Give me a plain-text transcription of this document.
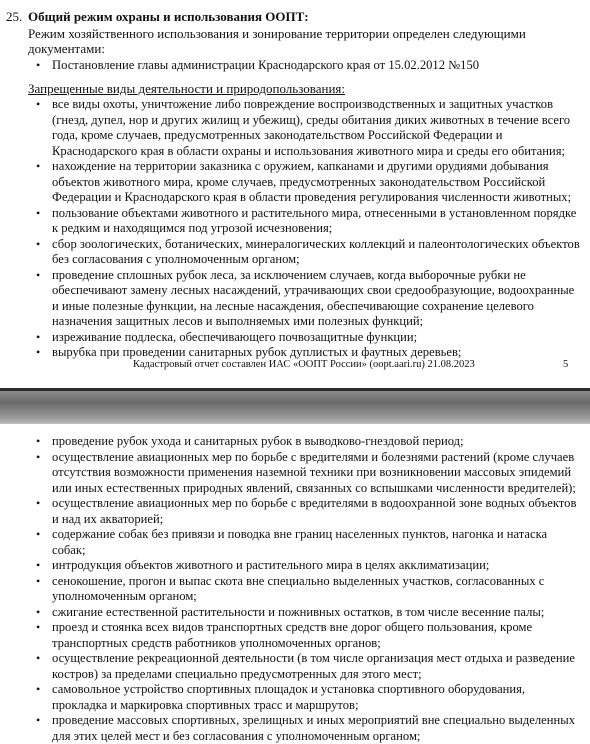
25. Общий режим охраны и использования ООПТ:
Режим хозяйственного использования и зонирование территории определен следующими документами:
• Постановление главы администрации Краснодарского края от 15.02.2012 №150
Запрещенные виды деятельности и природопользования:
• все виды охоты, уничтожение либо повреждение воспроизводственных и защитных участков (гнезд, дупел, нор и других жилищ и убежищ), среды обитания диких животных в течение всего года, кроме случаев, предусмотренных законодательством Российской Федерации и Краснодарского края в области охраны и использования животного мира и среды его обитания;
• нахождение на территории заказника с оружием, капканами и другими орудиями добывания объектов животного мира, кроме случаев, предусмотренных законодательством Российской Федерации и Краснодарского края в области проведения регулирования численности животных;
• пользование объектами животного и растительного мира, отнесенными в установленном порядке к редким и находящимся под угрозой исчезновения;
• сбор зоологических, ботанических, минералогических коллекций и палеонтологических объектов без согласования с уполномоченным органом;
• проведение сплошных рубок леса, за исключением случаев, когда выборочные рубки не обеспечивают замену лесных насаждений, утрачивающих свои средообразующие, водоохранные и иные полезные функции, на лесные насаждения, обеспечивающие сохранение целевого назначения защитных лесов и выполняемых ими полезных функций;
• изреживание подлеска, обеспечивающего почвозащитные функции;
• вырубка при проведении санитарных рубок дуплистых и фаутных деревьев;
Кадастровый отчет составлен ИАС «ООПТ России» (oopt.aari.ru) 21.08.2023	5
• проведение рубок ухода и санитарных рубок в выводково-гнездовой период;
• осуществление авиационных мер по борьбе с вредителями и болезнями растений (кроме случаев отсутствия возможности применения наземной техники при возникновении массовых эпидемий или иных естественных природных явлений, связанных со вспышками численности вредителей);
• осуществление авиационных мер по борьбе с вредителями в водоохранной зоне водных объектов и над их акваторией;
• содержание собак без привязи и поводка вне границ населенных пунктов, нагонка и натаска собак;
• интродукция объектов животного и растительного мира в целях акклиматизации;
• сенокошение, прогон и выпас скота вне специально выделенных участков, согласованных с уполномоченным органом;
• сжигание естественной растительности и пожнивных остатков, в том числе весенние палы;
• проезд и стоянка всех видов транспортных средств вне дорог общего пользования, кроме транспортных средств работников уполномоченных органов;
• осуществление рекреационной деятельности (в том числе организация мест отдыха и разведение костров) за пределами специально предусмотренных для этого мест;
• самовольное устройство спортивных площадок и установка спортивного оборудования, прокладка и маркировка спортивных трасс и маршрутов;
• проведение массовых спортивных, зрелищных и иных мероприятий вне специально выделенных для этих целей мест и без согласования с уполномоченным органом;
